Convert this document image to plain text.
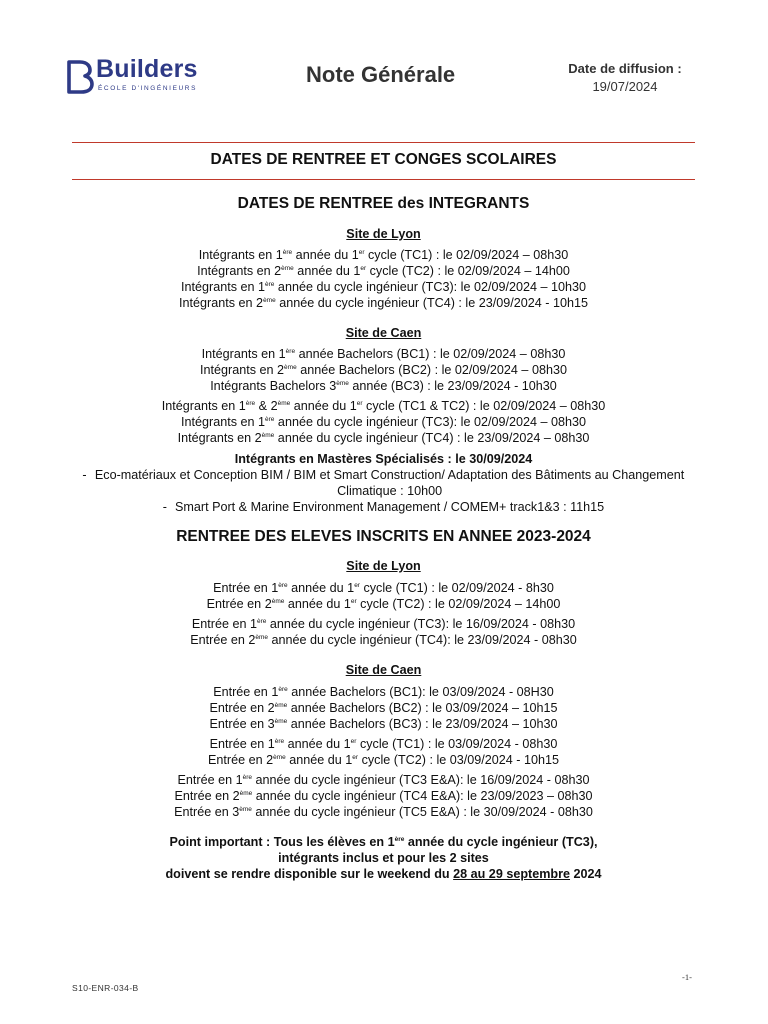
Builders
ÉCOLE D'INGÉNIEURS
Note Générale	Date de diffusion :
19/07/2024
DATES DE RENTREE ET CONGES SCOLAIRES
DATES DE RENTREE des INTEGRANTS
Site de Lyon
Intégrants en 1ère année du 1er cycle (TC1) : le 02/09/2024 – 08h30
Intégrants en 2ème année du 1er cycle (TC2) : le 02/09/2024 – 14h00
Intégrants en 1ère année du cycle ingénieur (TC3): le 02/09/2024 – 10h30
Intégrants en 2ème année du cycle ingénieur (TC4) : le 23/09/2024 - 10h15
Site de Caen
Intégrants en 1ère année Bachelors (BC1) : le 02/09/2024 – 08h30
Intégrants en 2ème année Bachelors (BC2) : le 02/09/2024 – 08h30
Intégrants Bachelors 3ème année (BC3) : le 23/09/2024 - 10h30
Intégrants en 1ère & 2ème année du 1er cycle (TC1 & TC2) : le 02/09/2024 – 08h30
Intégrants en 1ère année du cycle ingénieur (TC3): le 02/09/2024 – 08h30
Intégrants en 2ème année du cycle ingénieur (TC4) : le 23/09/2024 – 08h30
Intégrants en Mastères Spécialisés : le 30/09/2024
- Eco-matériaux et Conception BIM / BIM et Smart Construction/ Adaptation des Bâtiments au Changement Climatique : 10h00
- Smart Port & Marine Environment Management / COMEM+ track1&3 : 11h15
RENTREE DES ELEVES INSCRITS EN ANNEE 2023-2024
Site de Lyon
Entrée en 1ère année du 1er cycle (TC1) : le 02/09/2024 - 8h30
Entrée en 2ème année du 1er cycle (TC2) : le 02/09/2024 – 14h00
Entrée en 1ère année du cycle ingénieur (TC3): le 16/09/2024 - 08h30
Entrée en 2ème année du cycle ingénieur (TC4): le 23/09/2024 - 08h30
Site de Caen
Entrée en 1ère année Bachelors (BC1): le 03/09/2024 - 08H30
Entrée en 2ème année Bachelors (BC2) : le 03/09/2024 – 10h15
Entrée en 3ème année Bachelors (BC3) : le 23/09/2024 – 10h30
Entrée en 1ère année du 1er cycle (TC1) : le 03/09/2024 - 08h30
Entrée en 2ème année du 1er cycle (TC2) : le 03/09/2024 - 10h15
Entrée en 1ère année du cycle ingénieur (TC3 E&A): le 16/09/2024 - 08h30
Entrée en 2ème année du cycle ingénieur (TC4 E&A): le 23/09/2023 – 08h30
Entrée en 3ème année du cycle ingénieur (TC5 E&A) : le 30/09/2024 - 08h30
Point important : Tous les élèves en 1ère année du cycle ingénieur (TC3),
intégrants inclus et pour les 2 sites
doivent se rendre disponible sur le weekend du 28 au 29 septembre 2024
S10-ENR-034-B
-1-
